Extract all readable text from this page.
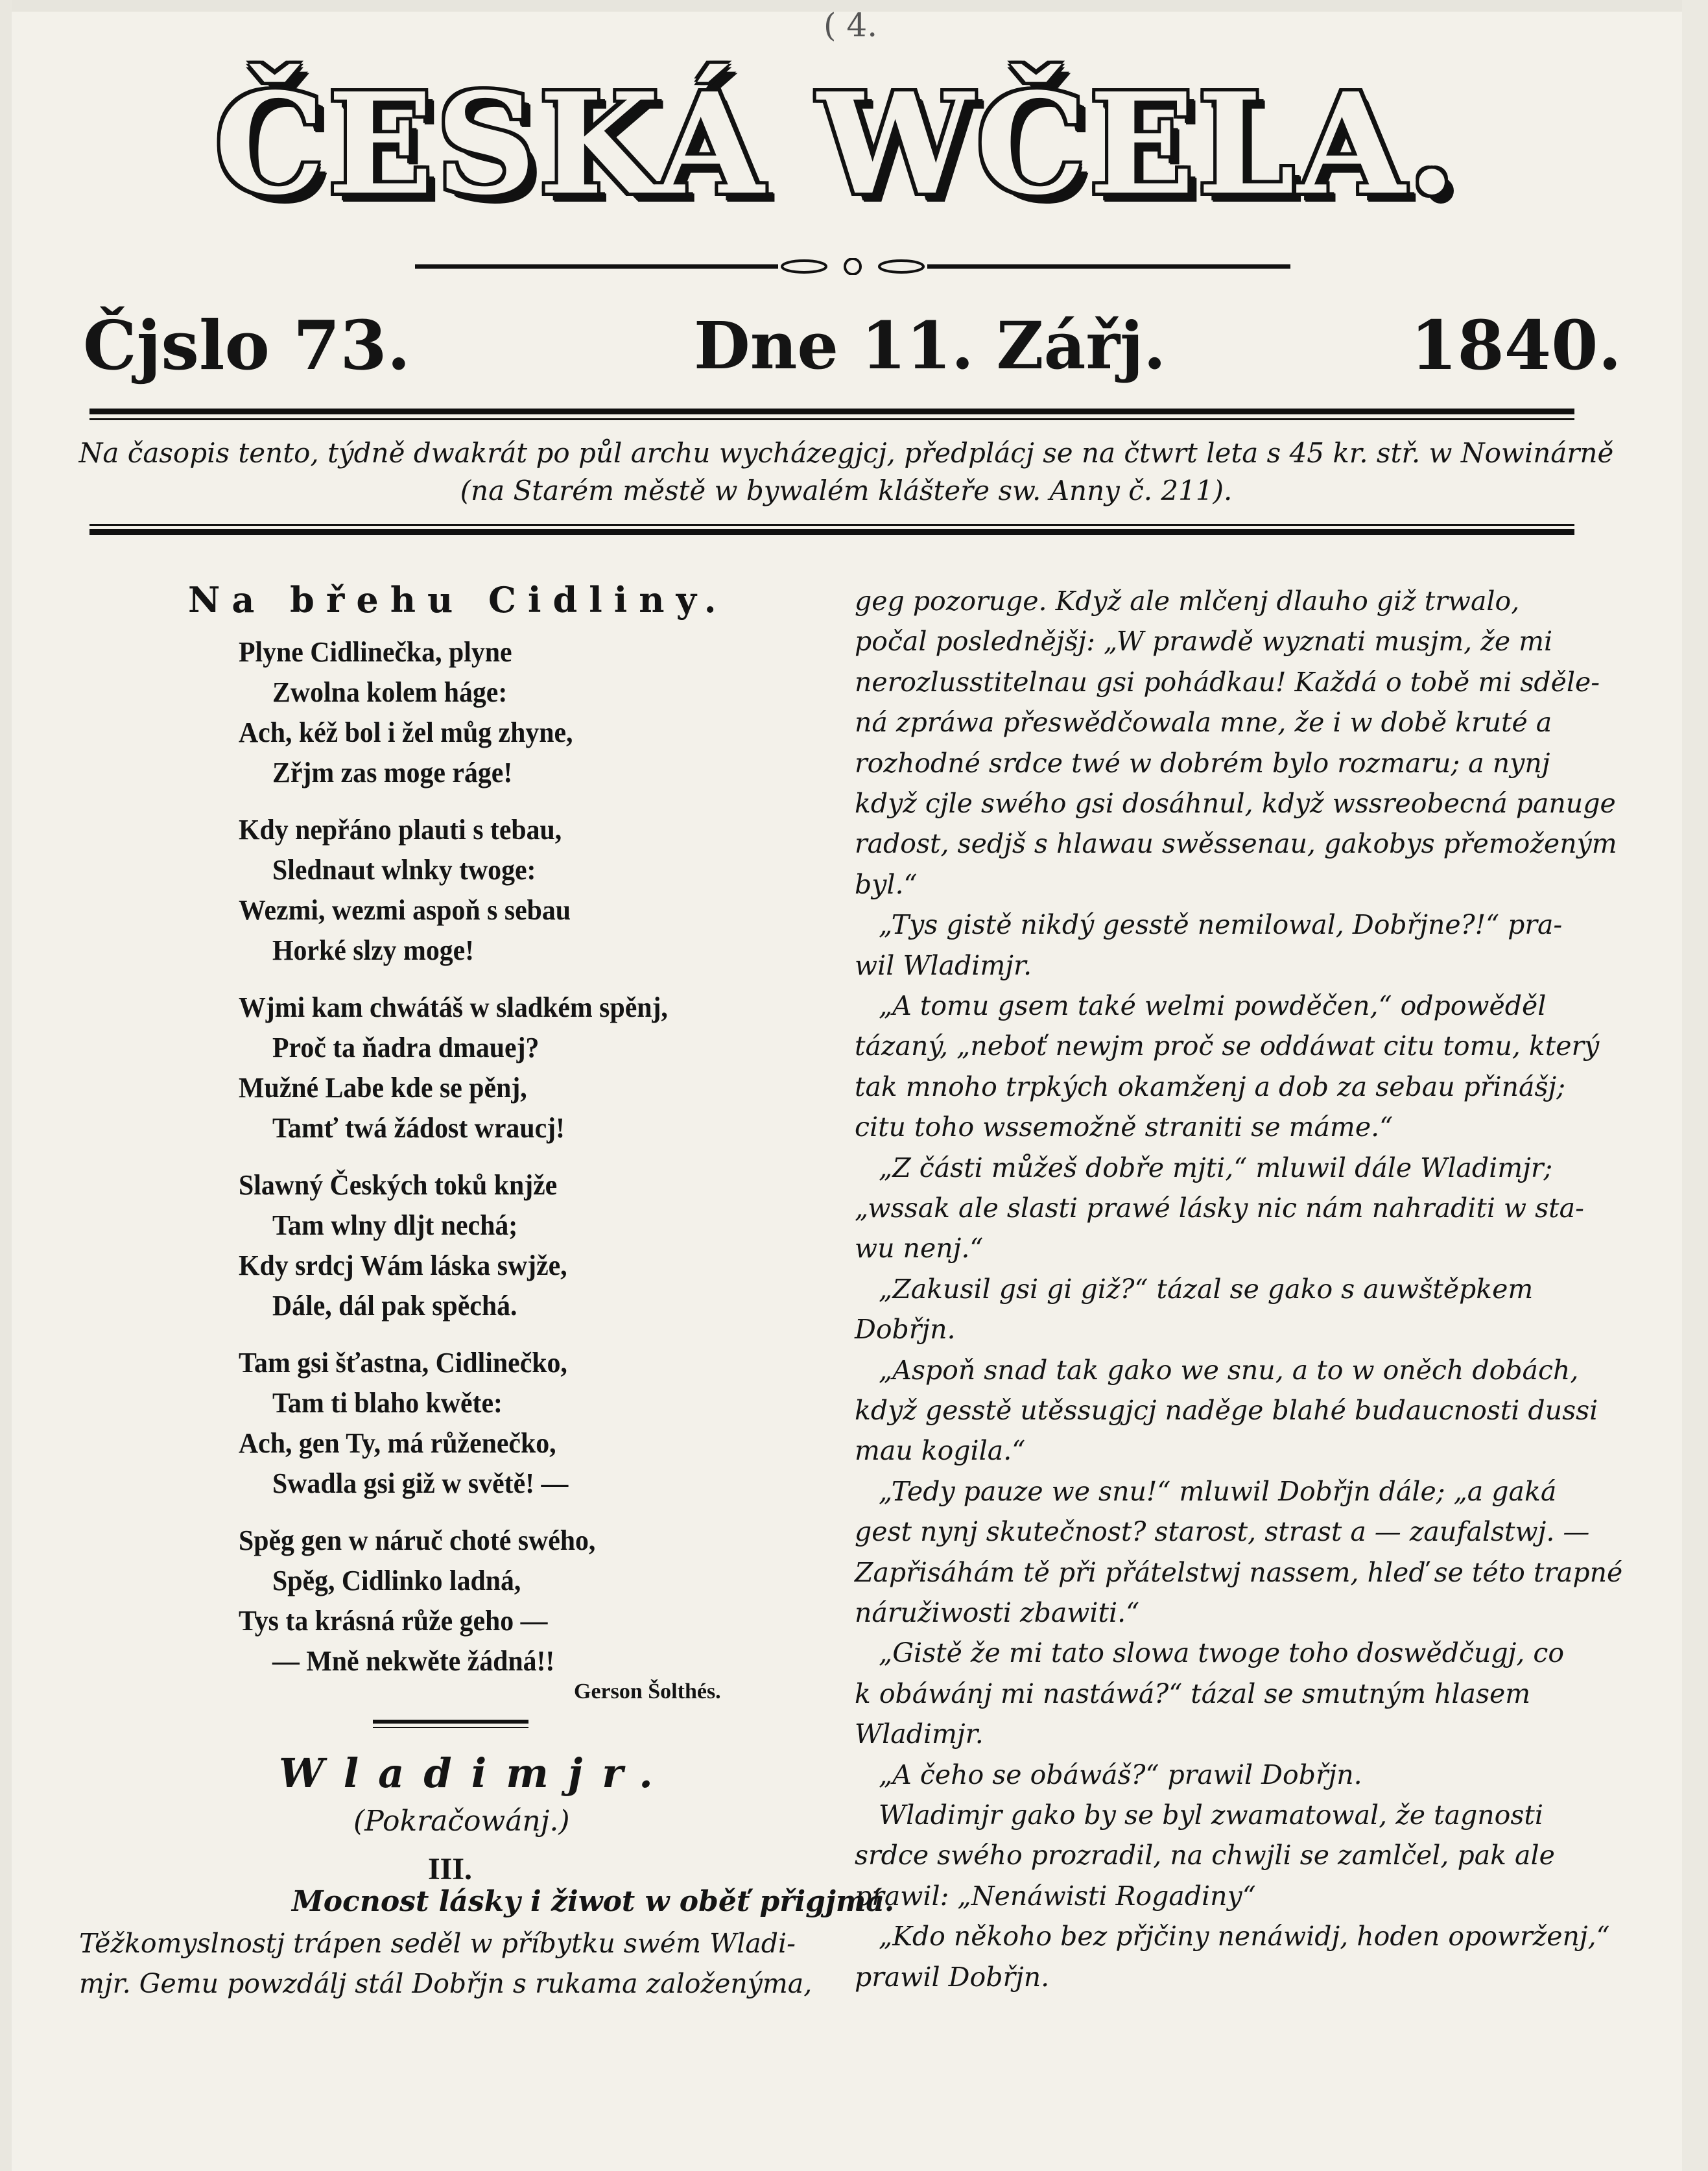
( 4.
ČESKÁ WČELA.
Čjslo 73.	Dne 11. Zářj.	1840.
Na časopis tento, týdně dwakrát po půl archu wycházegjcj, předplácj se na čtwrt leta s 45 kr. stř. w Nowinárně
(na Starém městě w bywalém klášteře sw. Anny č. 211).
Na břehu Cidliny.
Plyne Cidlinečka, plyne
Zwolna kolem háge:
Ach, kéž bol i žel můg zhyne,
Zřjm zas moge ráge!
Kdy nepřáno plauti s tebau,
Slednaut wlnky twoge:
Wezmi, wezmi aspoň s sebau
Horké slzy moge!
Wjmi kam chwátáš w sladkém spěnj,
Proč ta ňadra dmauej?
Mužné Labe kde se pěnj,
Tamť twá žádost wraucj!
Slawný Českých toků knjže
Tam wlny dljt nechá;
Kdy srdcj Wám láska swjže,
Dále, dál pak spěchá.
Tam gsi šťastna, Cidlinečko,
Tam ti blaho kwěte:
Ach, gen Ty, má růženečko,
Swadla gsi giž w světě! —
Spěg gen w náruč choté swého,
Spěg, Cidlinko ladná,
Tys ta krásná růže geho —
— Mně nekwěte žádná!!
Gerson Šolthés.
Wladimjr.
(Pokračowánj.)
III.
Mocnost lásky i žiwot w oběť přigjmá.
Těžkomyslnostj trápen seděl w příbytku swém Wladi-
mjr. Gemu powzdálj stál Dobřjn s rukama založenýma,
geg pozoruge. Když ale mlčenj dlauho giž trwalo,
počal poslednějšj: „W prawdě wyznati musjm, že mi
nerozlusstitelnau gsi pohádkau! Každá o tobě mi sděle-
ná zpráwa přeswědčowala mne, že i w době kruté a
rozhodné srdce twé w dobrém bylo rozmaru; a nynj
když cjle swého gsi dosáhnul, když wssreobecná panuge
radost, sedjš s hlawau swěssenau, gakobys přemoženým
byl.“
„Tys gistě nikdý gesstě nemilowal, Dobřjne?!“ pra-
wil Wladimjr.
„A tomu gsem také welmi powděčen,“ odpowěděl
tázaný, „neboť newjm proč se oddáwat citu tomu, který
tak mnoho trpkých okamženj a dob za sebau přinášj;
citu toho wssemožně straniti se máme.“
„Z části můžeš dobře mjti,“ mluwil dále Wladimjr;
„wssak ale slasti prawé lásky nic nám nahraditi w sta-
wu nenj.“
„Zakusil gsi gi giž?“ tázal se gako s auwštěpkem
Dobřjn.
„Aspoň snad tak gako we snu, a to w oněch dobách,
když gesstě utěssugjcj naděge blahé budaucnosti dussi
mau kogila.“
„Tedy pauze we snu!“ mluwil Dobřjn dále; „a gaká
gest nynj skutečnost? starost, strast a — zaufalstwj. —
Zapřisáhám tě při přátelstwj nassem, hleď se této trapné
náružiwosti zbawiti.“
„Gistě že mi tato slowa twoge toho doswědčugj, co
k obáwánj mi nastáwá?“ tázal se smutným hlasem
Wladimjr.
„A čeho se obáwáš?“ prawil Dobřjn.
Wladimjr gako by se byl zwamatowal, že tagnosti
srdce swého prozradil, na chwjli se zamlčel, pak ale
prawil: „Nenáwisti Rogadiny“
„Kdo někoho bez přjčiny nenáwidj, hoden opowrženj,“
prawil Dobřjn.
